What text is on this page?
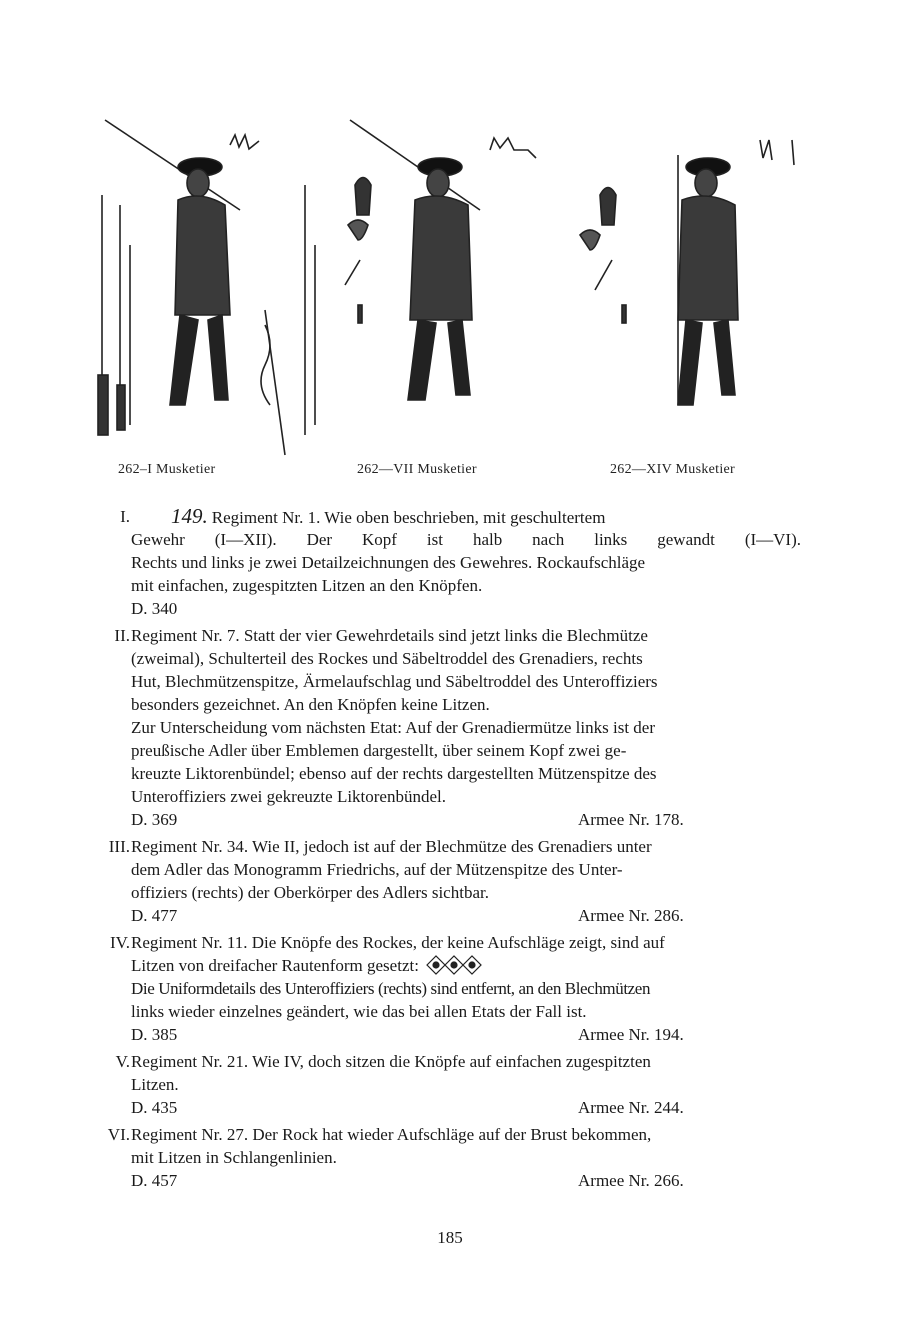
262–I Musketier	262—VII Musketier	262—XIV Musketier
I.	149. Regiment Nr. 1. Wie oben beschrieben, mit geschultertem
Gewehr (I—XII). Der Kopf ist halb nach links gewandt (I—VI).
Rechts und links je zwei Detailzeichnungen des Gewehres. Rockaufschläge
mit einfachen, zugespitzten Litzen an den Knöpfen.
D. 340
II. Regiment Nr. 7. Statt der vier Gewehrdetails sind jetzt links die Blechmütze
(zweimal), Schulterteil des Rockes und Säbeltroddel des Grenadiers, rechts
Hut, Blechmützenspitze, Ärmelaufschlag und Säbeltroddel des Unteroffiziers
besonders gezeichnet. An den Knöpfen keine Litzen.
Zur Unterscheidung vom nächsten Etat: Auf der Grenadiermütze links ist der
preußische Adler über Emblemen dargestellt, über seinem Kopf zwei ge-
kreuzte Liktorenbündel; ebenso auf der rechts dargestellten Mützenspitze des
Unteroffiziers zwei gekreuzte Liktorenbündel.
D. 369	Armee Nr. 178.
III. Regiment Nr. 34. Wie II, jedoch ist auf der Blechmütze des Grenadiers unter
dem Adler das Monogramm Friedrichs, auf der Mützenspitze des Unter-
offiziers (rechts) der Oberkörper des Adlers sichtbar.
D. 477	Armee Nr. 286.
IV. Regiment Nr. 11. Die Knöpfe des Rockes, der keine Aufschläge zeigt, sind auf
Litzen von dreifacher Rautenform gesetzt:
Die Uniformdetails des Unteroffiziers (rechts) sind entfernt, an den Blechmützen
links wieder einzelnes geändert, wie das bei allen Etats der Fall ist.
D. 385	Armee Nr. 194.
V. Regiment Nr. 21. Wie IV, doch sitzen die Knöpfe auf einfachen zugespitzten
Litzen.
D. 435	Armee Nr. 244.
VI. Regiment Nr. 27. Der Rock hat wieder Aufschläge auf der Brust bekommen,
mit Litzen in Schlangenlinien.
D. 457	Armee Nr. 266.
185
